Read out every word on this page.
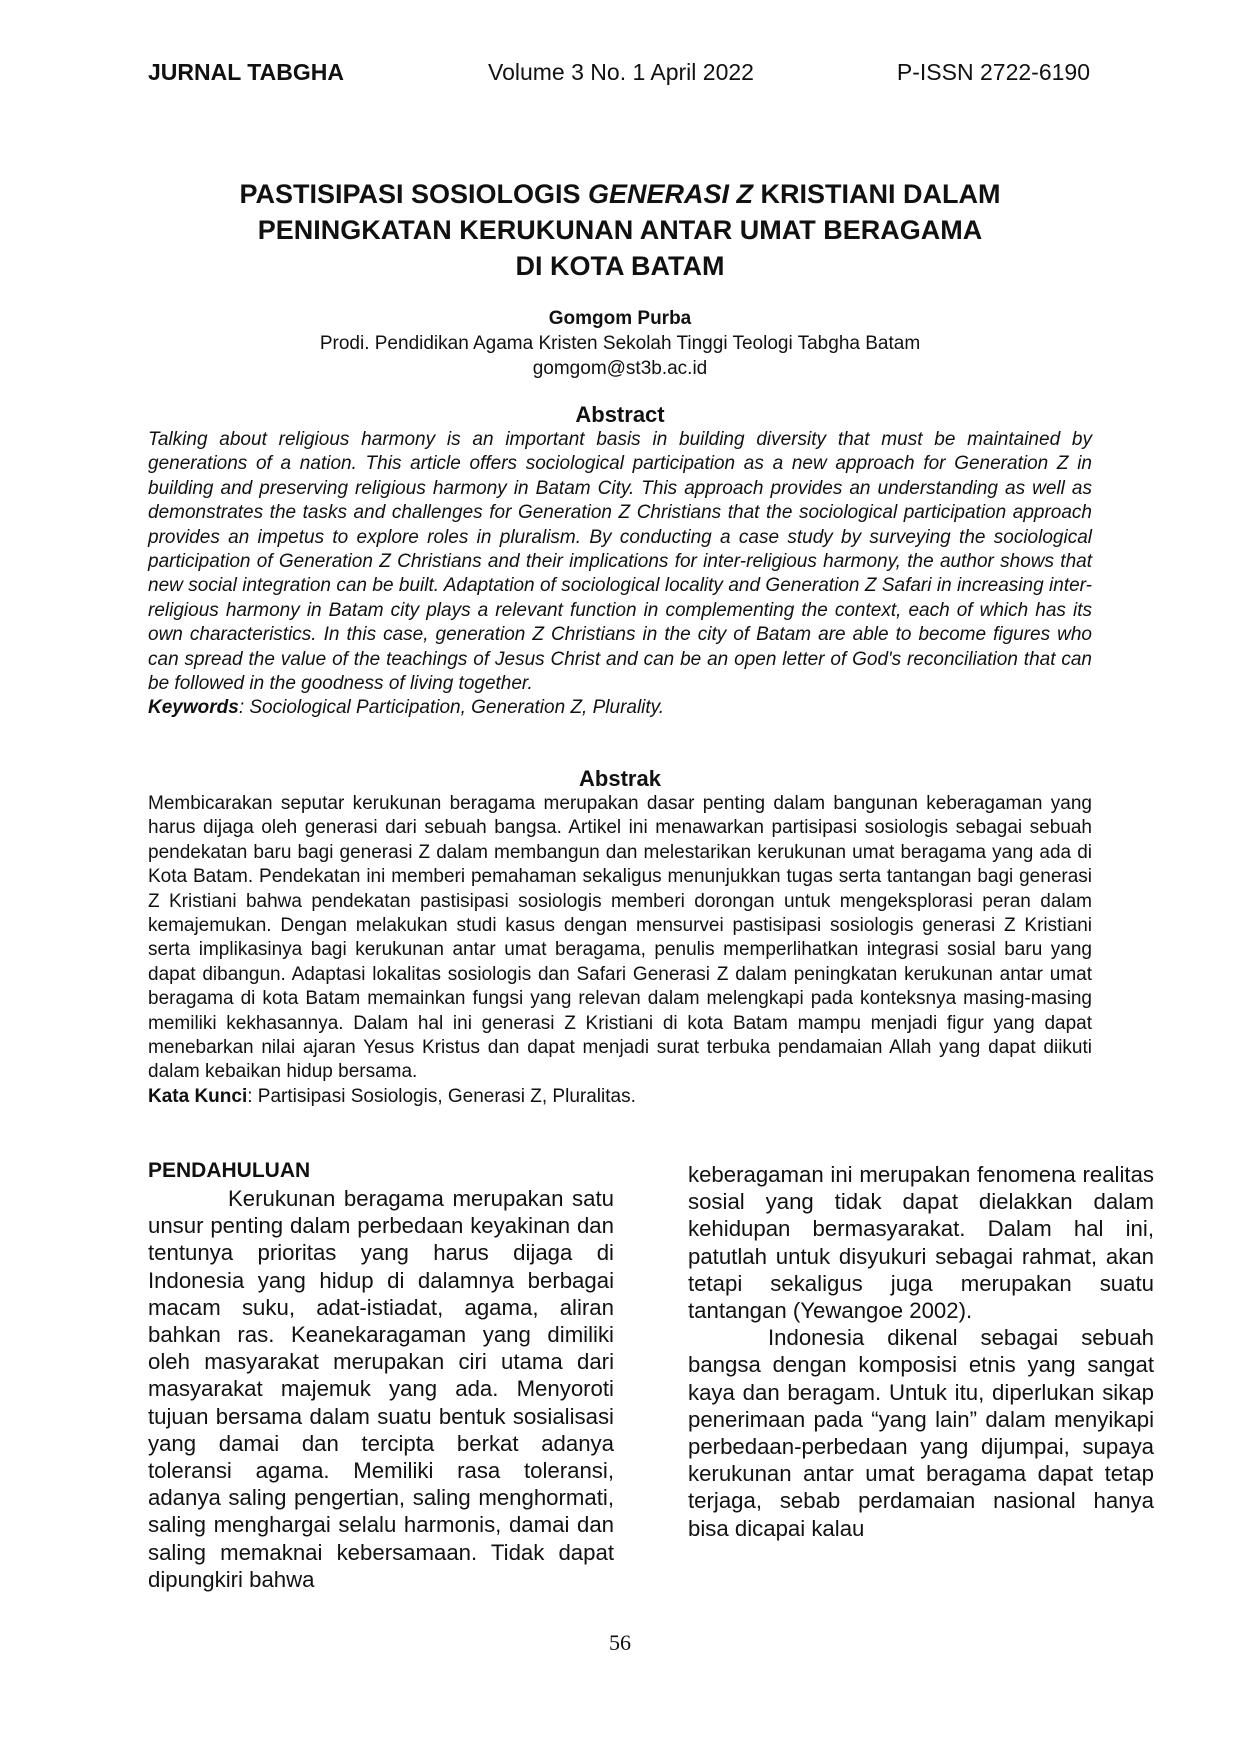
JURNAL TABGHA	Volume 3 No. 1 April 2022	P-ISSN 2722-6190
PASTISIPASI SOSIOLOGIS GENERASI Z KRISTIANI DALAM
PENINGKATAN KERUKUNAN ANTAR UMAT BERAGAMA
DI KOTA BATAM
Gomgom Purba
Prodi. Pendidikan Agama Kristen Sekolah Tinggi Teologi Tabgha Batam
gomgom@st3b.ac.id
Abstract

Talking about religious harmony is an important basis in building diversity that must be maintained by generations of a nation. This article offers sociological participation as a new approach for Generation Z in building and preserving religious harmony in Batam City. This approach provides an understanding as well as demonstrates the tasks and challenges for Generation Z Christians that the sociological participation approach provides an impetus to explore roles in pluralism. By conducting a case study by surveying the sociological participation of Generation Z Christians and their implications for inter-religious harmony, the author shows that new social integration can be built. Adaptation of sociological locality and Generation Z Safari in increasing inter-religious harmony in Batam city plays a relevant function in complementing the context, each of which has its own characteristics. In this case, generation Z Christians in the city of Batam are able to become figures who can spread the value of the teachings of Jesus Christ and can be an open letter of God's reconciliation that can be followed in the goodness of living together.

Keywords: Sociological Participation, Generation Z, Plurality.

Abstrak

Membicarakan seputar kerukunan beragama merupakan dasar penting dalam bangunan keberagaman yang harus dijaga oleh generasi dari sebuah bangsa. Artikel ini menawarkan partisipasi sosiologis sebagai sebuah pendekatan baru bagi generasi Z dalam membangun dan melestarikan kerukunan umat beragama yang ada di Kota Batam. Pendekatan ini memberi pemahaman sekaligus menunjukkan tugas serta tantangan bagi generasi Z Kristiani bahwa pendekatan pastisipasi sosiologis memberi dorongan untuk mengeksplorasi peran dalam kemajemukan. Dengan melakukan studi kasus dengan mensurvei pastisipasi sosiologis generasi Z Kristiani serta implikasinya bagi kerukunan antar umat beragama, penulis memperlihatkan integrasi sosial baru yang dapat dibangun. Adaptasi lokalitas sosiologis dan Safari Generasi Z dalam peningkatan kerukunan antar umat beragama di kota Batam memainkan fungsi yang relevan dalam melengkapi pada konteksnya masing-masing memiliki kekhasannya. Dalam hal ini generasi Z Kristiani di kota Batam mampu menjadi figur yang dapat menebarkan nilai ajaran Yesus Kristus dan dapat menjadi surat terbuka pendamaian Allah yang dapat diikuti dalam kebaikan hidup bersama.

Kata Kunci: Partisipasi Sosiologis, Generasi Z, Pluralitas.

PENDAHULUAN

Kerukunan beragama merupakan satu unsur penting dalam perbedaan keyakinan dan tentunya prioritas yang harus dijaga di Indonesia yang hidup di dalamnya berbagai macam suku, adat-istiadat, agama, aliran bahkan ras. Keanekaragaman yang dimiliki oleh masyarakat merupakan ciri utama dari masyarakat majemuk yang ada. Menyoroti tujuan bersama dalam suatu bentuk sosialisasi yang damai dan tercipta berkat adanya toleransi agama. Memiliki rasa toleransi, adanya saling pengertian, saling menghormati, saling menghargai selalu harmonis, damai dan saling memaknai kebersamaan. Tidak dapat dipungkiri bahwa

keberagaman ini merupakan fenomena realitas sosial yang tidak dapat dielakkan dalam kehidupan bermasyarakat. Dalam hal ini, patutlah untuk disyukuri sebagai rahmat, akan tetapi sekaligus juga merupakan suatu tantangan (Yewangoe 2002).

Indonesia dikenal sebagai sebuah bangsa dengan komposisi etnis yang sangat kaya dan beragam. Untuk itu, diperlukan sikap penerimaan pada “yang lain” dalam menyikapi perbedaan-perbedaan yang dijumpai, supaya kerukunan antar umat beragama dapat tetap terjaga, sebab perdamaian nasional hanya bisa dicapai kalau

56
